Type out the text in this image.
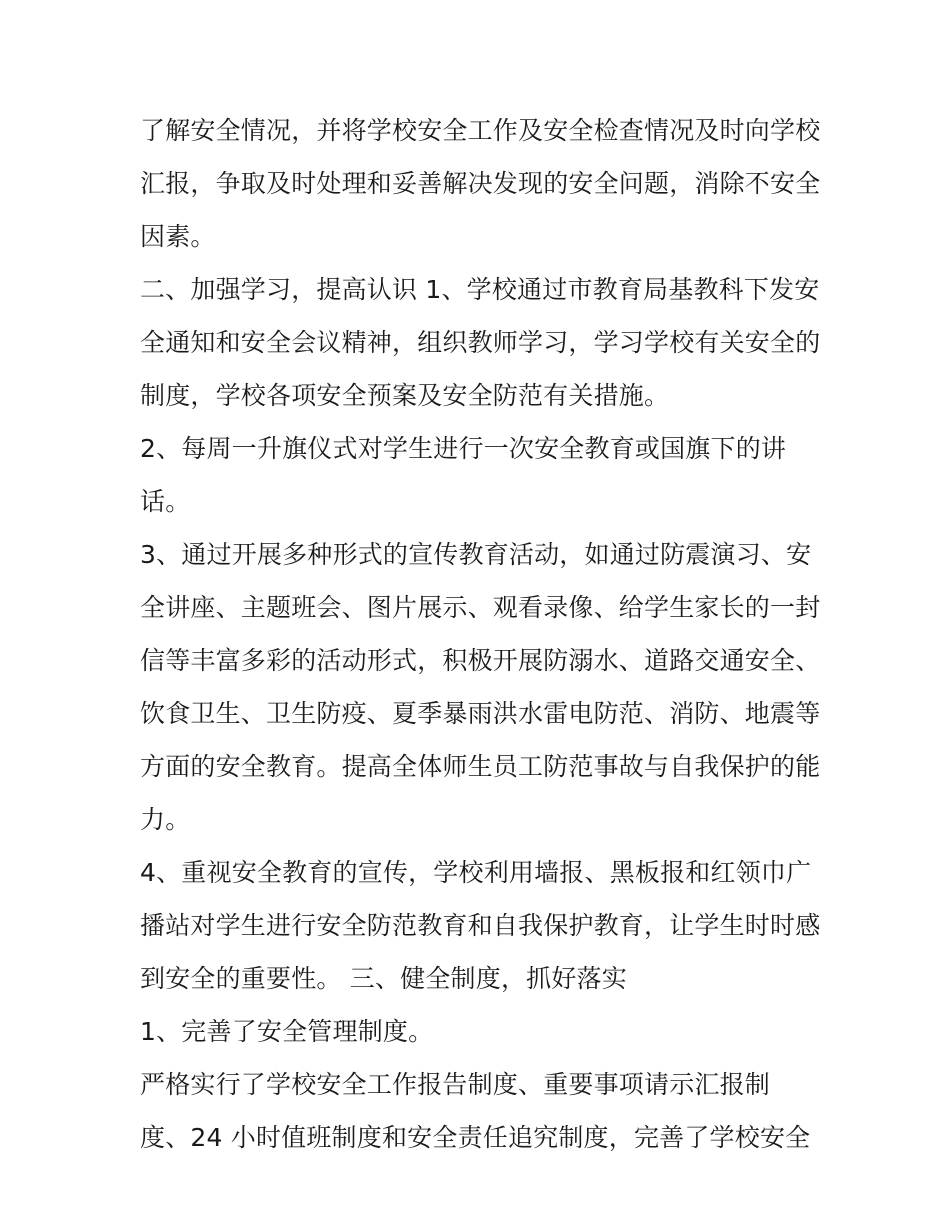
了解安全情况，并将学校安全工作及安全检查情况及时向学校
汇报，争取及时处理和妥善解决发现的安全问题，消除不安全
因素。
二、加强学习，提高认识 1、学校通过市教育局基教科下发安
全通知和安全会议精神，组织教师学习，学习学校有关安全的
制度，学校各项安全预案及安全防范有关措施。
2、每周一升旗仪式对学生进行一次安全教育或国旗下的讲
话。
3、通过开展多种形式的宣传教育活动，如通过防震演习、安
全讲座、主题班会、图片展示、观看录像、给学生家长的一封
信等丰富多彩的活动形式，积极开展防溺水、道路交通安全、
饮食卫生、卫生防疫、夏季暴雨洪水雷电防范、消防、地震等
方面的安全教育。提高全体师生员工防范事故与自我保护的能
力。
4、重视安全教育的宣传，学校利用墙报、黑板报和红领巾广
播站对学生进行安全防范教育和自我保护教育，让学生时时感
到安全的重要性。 三、健全制度，抓好落实
1、完善了安全管理制度。
严格实行了学校安全工作报告制度、重要事项请示汇报制
度、24 小时值班制度和安全责任追究制度，完善了学校安全
